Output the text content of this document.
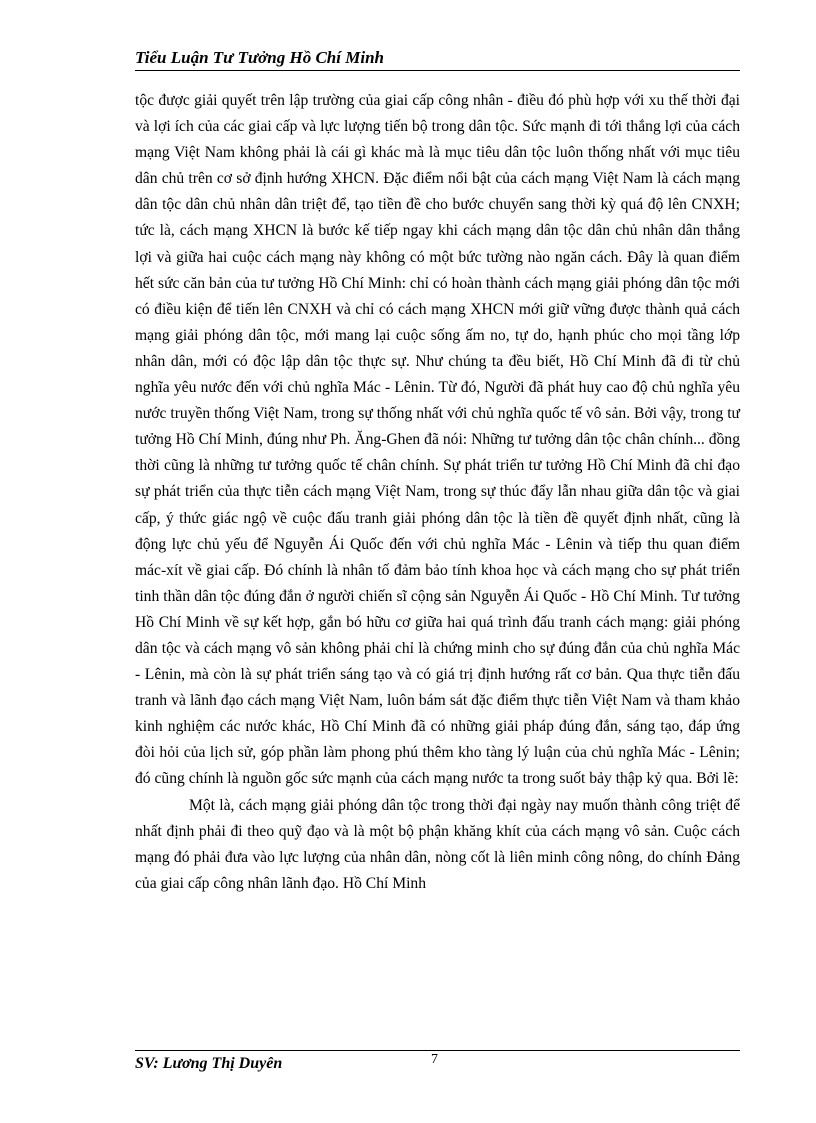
Tiểu Luận Tư Tưởng Hồ Chí Minh

tộc được giải quyết trên lập trường của giai cấp công nhân - điều đó phù hợp với xu thế thời đại và lợi ích của các giai cấp và lực lượng tiến bộ trong dân tộc. Sức mạnh đi tới thắng lợi của cách mạng Việt Nam không phải là cái gì khác mà là mục tiêu dân tộc luôn thống nhất với mục tiêu dân chủ trên cơ sở định hướng XHCN. Đặc điểm nổi bật của cách mạng Việt Nam là cách mạng dân tộc dân chủ nhân dân triệt để, tạo tiền đề cho bước chuyển sang thời kỳ quá độ lên CNXH; tức là, cách mạng XHCN là bước kế tiếp ngay khi cách mạng dân tộc dân chủ nhân dân thắng lợi và giữa hai cuộc cách mạng này không có một bức tường nào ngăn cách. Đây là quan điểm hết sức căn bản của tư tưởng Hồ Chí Minh: chỉ có hoàn thành cách mạng giải phóng dân tộc mới có điều kiện để tiến lên CNXH và chỉ có cách mạng XHCN mới giữ vững được thành quả cách mạng giải phóng dân tộc, mới mang lại cuộc sống ấm no, tự do, hạnh phúc cho mọi tầng lớp nhân dân, mới có độc lập dân tộc thực sự. Như chúng ta đều biết, Hồ Chí Minh đã đi từ chủ nghĩa yêu nước đến với chủ nghĩa Mác - Lênin. Từ đó, Người đã phát huy cao độ chủ nghĩa yêu nước truyền thống Việt Nam, trong sự thống nhất với chủ nghĩa quốc tế vô sản. Bởi vậy, trong tư tưởng Hồ Chí Minh, đúng như Ph. Ăng-Ghen đã nói: Những tư tưởng dân tộc chân chính... đồng thời cũng là những tư tưởng quốc tế chân chính. Sự phát triển tư tưởng Hồ Chí Minh đã chỉ đạo sự phát triển của thực tiễn cách mạng Việt Nam, trong sự thúc đẩy lẫn nhau giữa dân tộc và giai cấp, ý thức giác ngộ về cuộc đấu tranh giải phóng dân tộc là tiền đề quyết định nhất, cũng là động lực chủ yếu để Nguyễn Ái Quốc đến với chủ nghĩa Mác - Lênin và tiếp thu quan điểm mác-xít về giai cấp. Đó chính là nhân tố đảm bảo tính khoa học và cách mạng cho sự phát triển tinh thần dân tộc đúng đắn ở người chiến sĩ cộng sản Nguyễn Ái Quốc - Hồ Chí Minh. Tư tưởng Hồ Chí Minh về sự kết hợp, gắn bó hữu cơ giữa hai quá trình đấu tranh cách mạng: giải phóng dân tộc và cách mạng vô sản không phải chỉ là chứng minh cho sự đúng đắn của chủ nghĩa Mác - Lênin, mà còn là sự phát triển sáng tạo và có giá trị định hướng rất cơ bản. Qua thực tiễn đấu tranh và lãnh đạo cách mạng Việt Nam, luôn bám sát đặc điểm thực tiễn Việt Nam và tham khảo kinh nghiệm các nước khác, Hồ Chí Minh đã có những giải pháp đúng đắn, sáng tạo, đáp ứng đòi hỏi của lịch sử, góp phần làm phong phú thêm kho tàng lý luận của chủ nghĩa Mác - Lênin; đó cũng chính là nguồn gốc sức mạnh của cách mạng nước ta trong suốt bảy thập kỷ qua. Bởi lẽ:

Một là, cách mạng giải phóng dân tộc trong thời đại ngày nay muốn thành công triệt để nhất định phải đi theo quỹ đạo và là một bộ phận khăng khít của cách mạng vô sản. Cuộc cách mạng đó phải đưa vào lực lượng của nhân dân, nòng cốt là liên minh công nông, do chính Đảng của giai cấp công nhân lãnh đạo. Hồ Chí Minh

SV: Lương Thị Duyên	7
